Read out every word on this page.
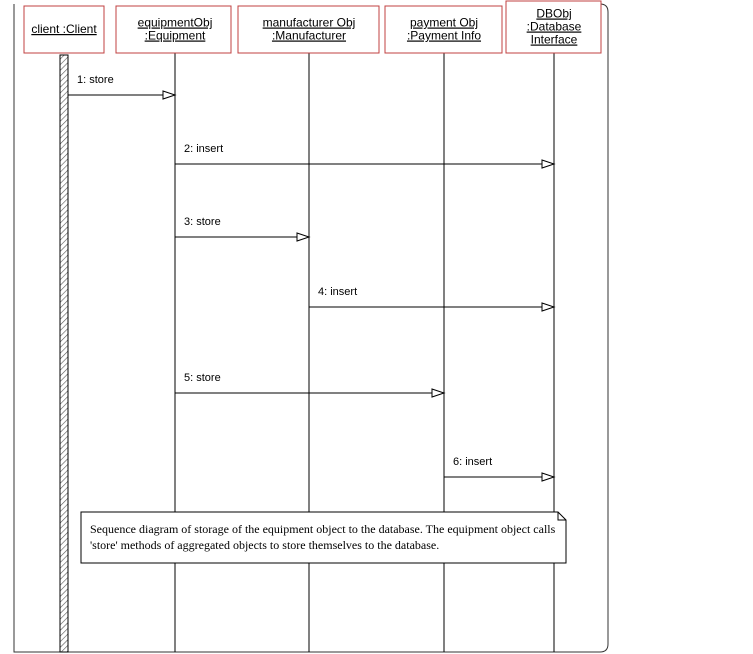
client :Client	equipmentObj
:Equipment
manufacturer Obj
:Manufacturer
payment Obj
:Payment Info
DBObj
:Database
Interface
1: store
2: insert
3: store
4: insert
5: store
6: insert
Sequence diagram of storage of the equipment object to the database. The equipment object calls
'store' methods of aggregated objects to store themselves to the database.
